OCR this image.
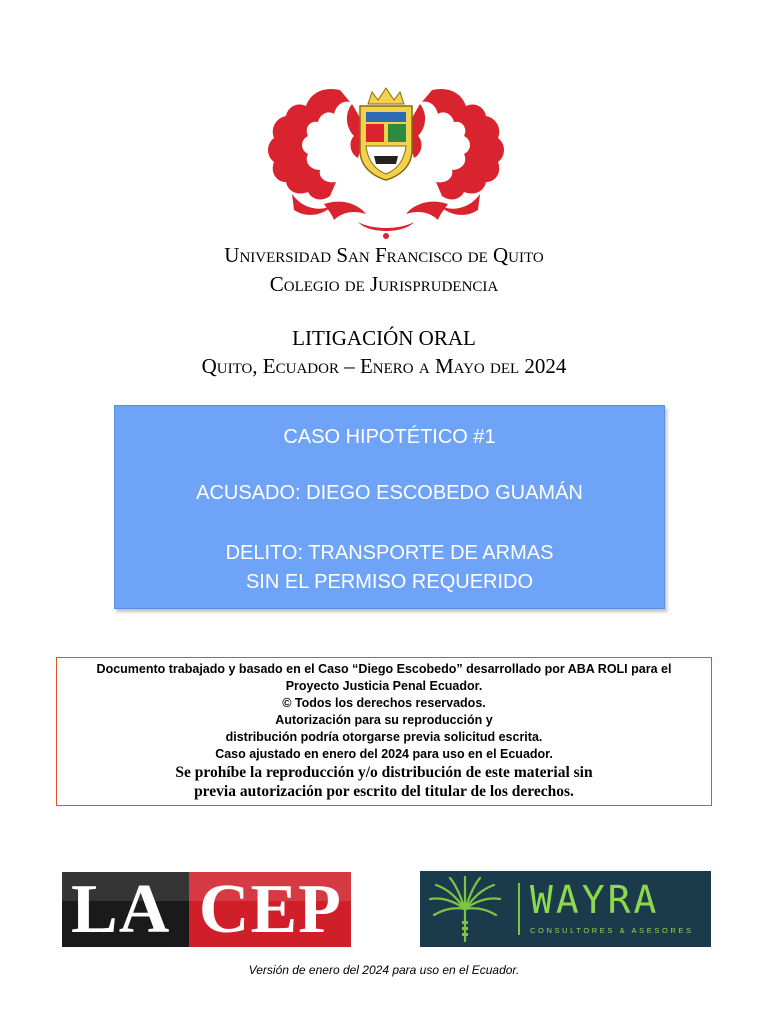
Universidad San Francisco de Quito
Colegio de Jurisprudencia
LITIGACIÓN ORAL
Quito, Ecuador – Enero a Mayo del 2024
CASO HIPOTÉTICO #1
ACUSADO: DIEGO ESCOBEDO GUAMÁN
DELITO: TRANSPORTE DE ARMAS
SIN EL PERMISO REQUERIDO
Documento trabajado y basado en el Caso “Diego Escobedo” desarrollado por ABA ROLI para el
Proyecto Justicia Penal Ecuador.
© Todos los derechos reservados.
Autorización para su reproducción y
distribución podría otorgarse previa solicitud escrita.
Caso ajustado en enero del 2024 para uso en el Ecuador.
Se prohíbe la reproducción y/o distribución de este material sin
previa autorización por escrito del titular de los derechos.
LA CEP	WAYRA
CONSULTORES & ASESORES
Versión de enero del 2024 para uso en el Ecuador.
